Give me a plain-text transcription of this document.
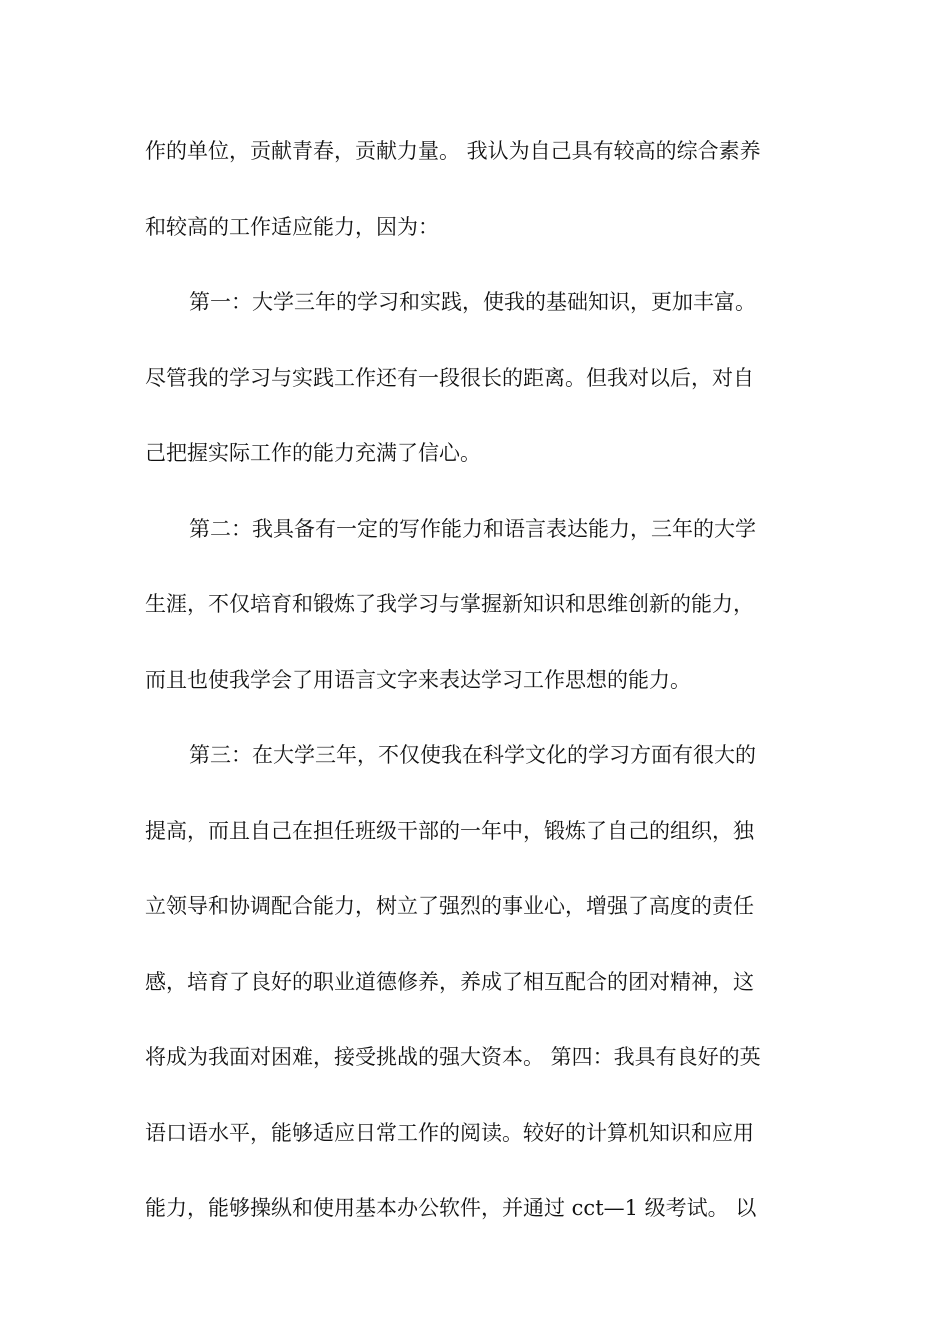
作的单位，贡献青春，贡献力量。 我认为自己具有较高的综合素养
和较高的工作适应能力，因为：
第一：大学三年的学习和实践，使我的基础知识，更加丰富。
尽管我的学习与实践工作还有一段很长的距离。但我对以后，对自
己把握实际工作的能力充满了信心。
第二：我具备有一定的写作能力和语言表达能力，三年的大学
生涯，不仅培育和锻炼了我学习与掌握新知识和思维创新的能力，
而且也使我学会了用语言文字来表达学习工作思想的能力。
第三：在大学三年，不仅使我在科学文化的学习方面有很大的
提高，而且自己在担任班级干部的一年中，锻炼了自己的组织，独
立领导和协调配合能力，树立了强烈的事业心，增强了高度的责任
感，培育了良好的职业道德修养，养成了相互配合的团对精神，这
将成为我面对困难，接受挑战的强大资本。 第四：我具有良好的英
语口语水平，能够适应日常工作的阅读。较好的计算机知识和应用
能力，能够操纵和使用基本办公软件，并通过 cct—1 级考试。 以
